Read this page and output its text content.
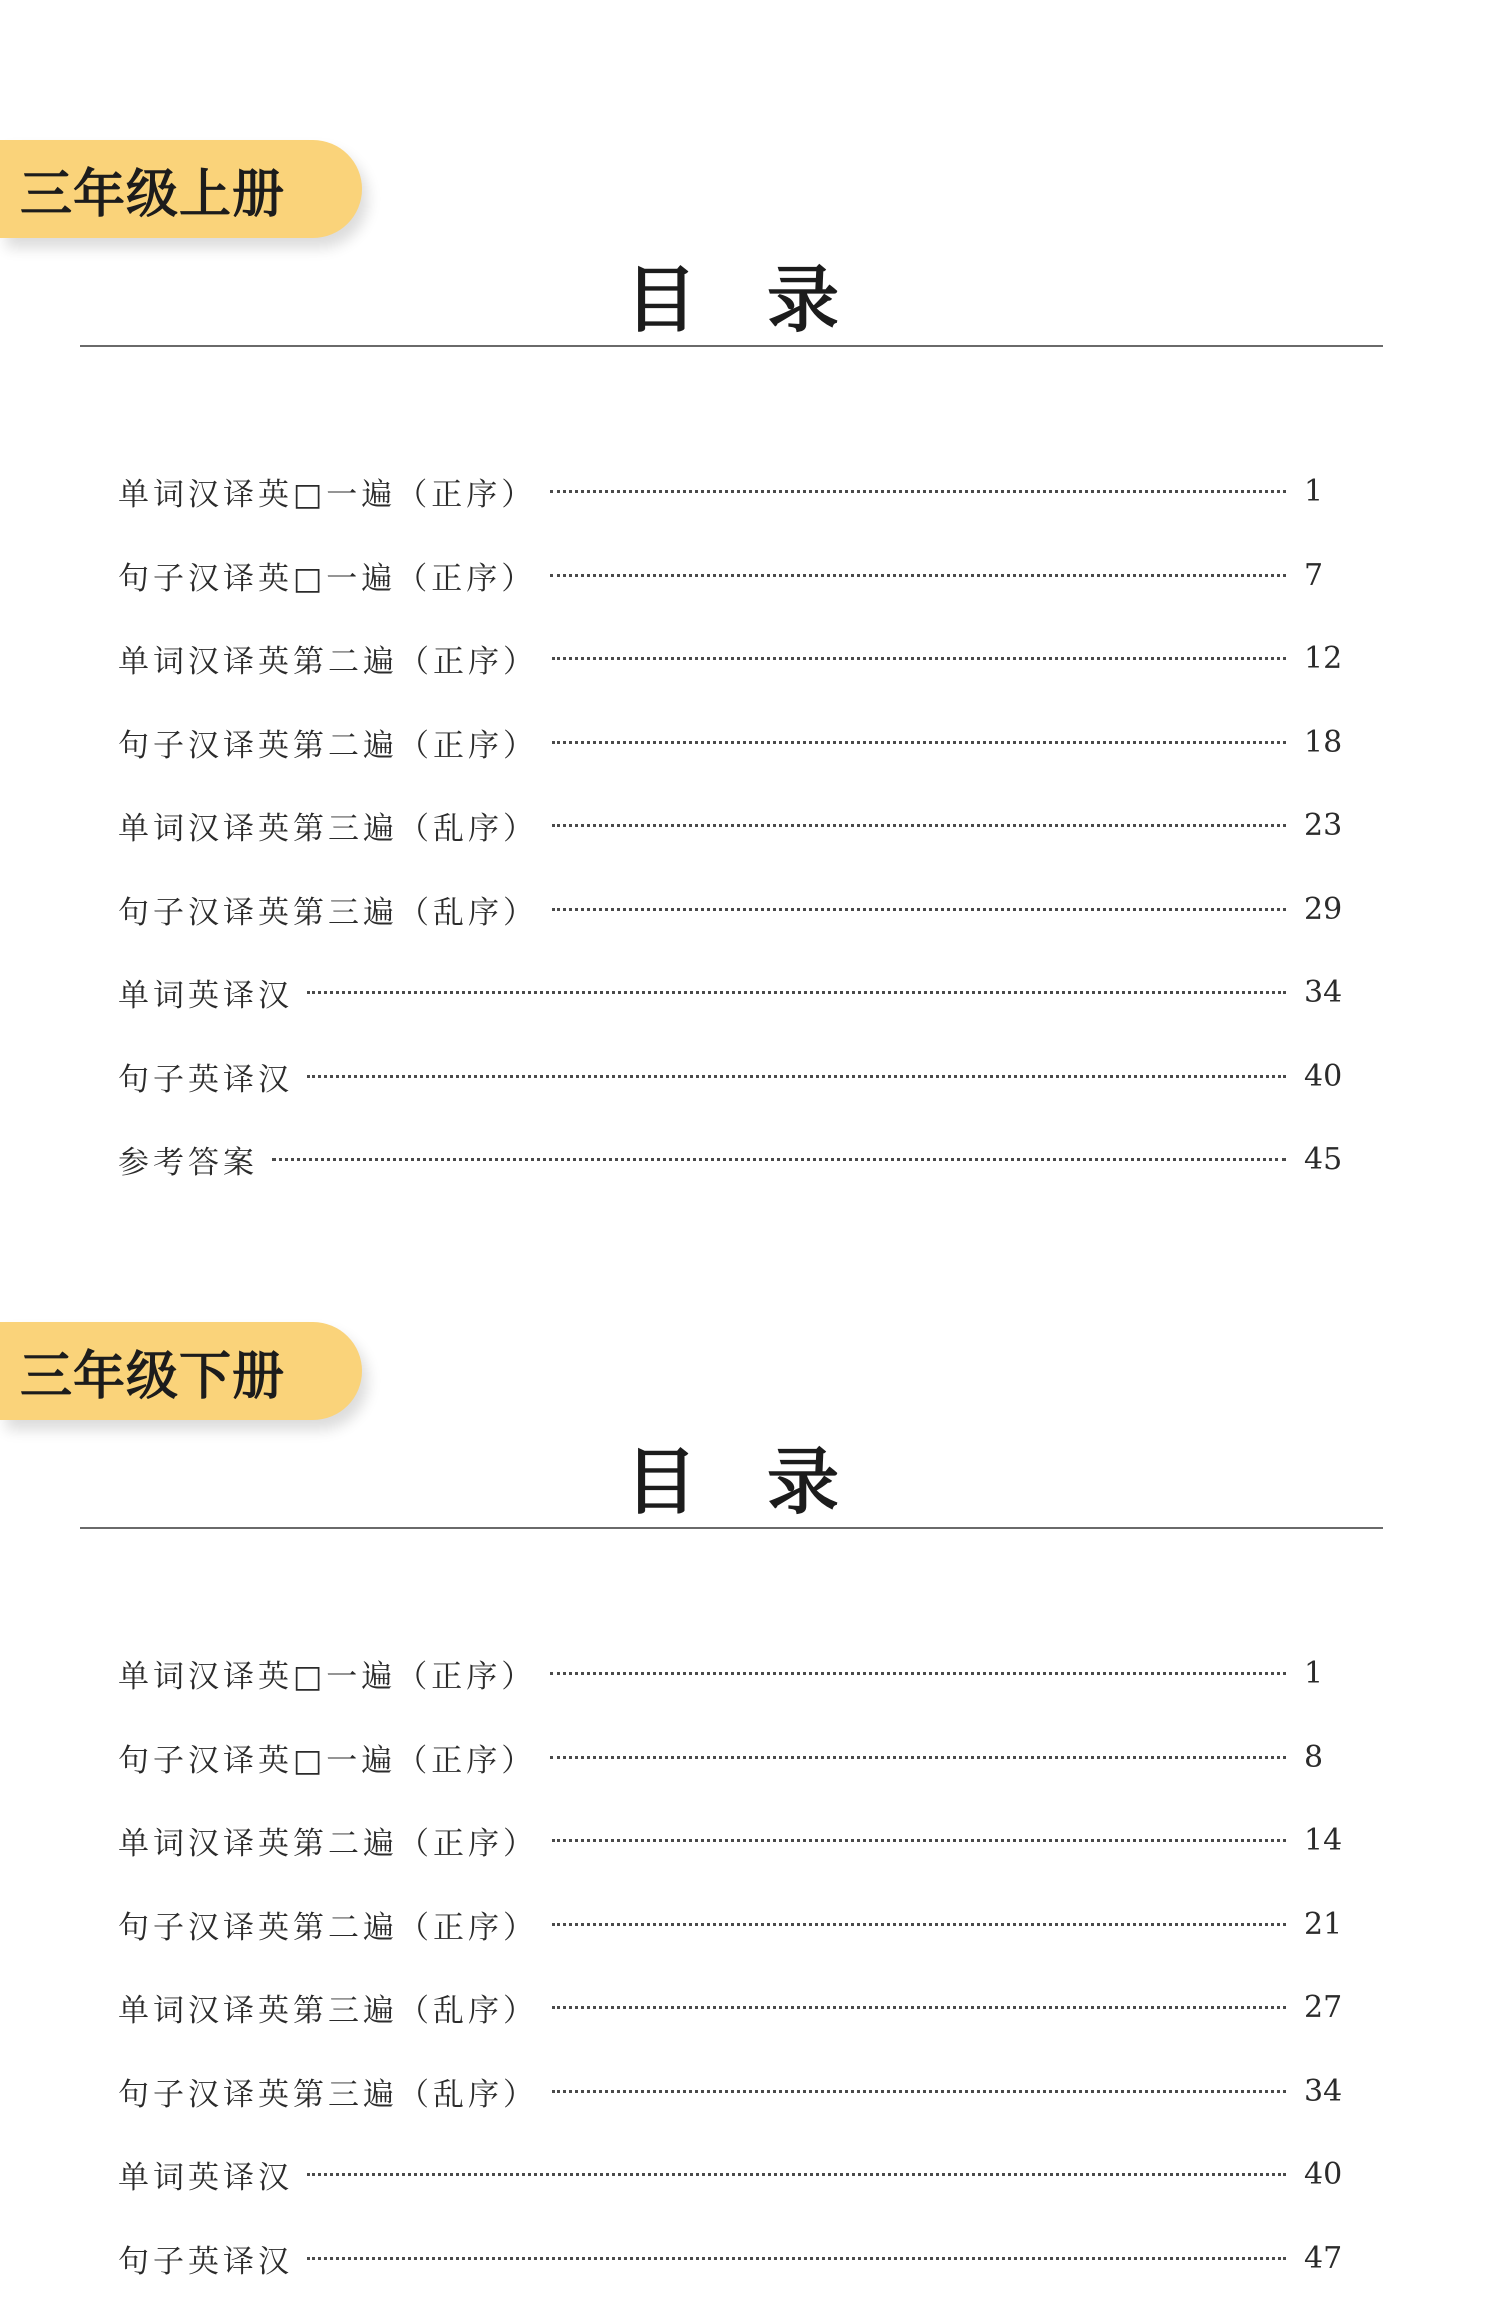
三年级上册
目录
单词汉译英□一遍（正序）	1
句子汉译英□一遍（正序）	7
单词汉译英第二遍（正序）	12
句子汉译英第二遍（正序）	18
单词汉译英第三遍（乱序）	23
句子汉译英第三遍（乱序）	29
单词英译汉	34
句子英译汉	40
参考答案	45
三年级下册
目录
单词汉译英□一遍（正序）	1
句子汉译英□一遍（正序）	8
单词汉译英第二遍（正序）	14
句子汉译英第二遍（正序）	21
单词汉译英第三遍（乱序）	27
句子汉译英第三遍（乱序）	34
单词英译汉	40
句子英译汉	47
